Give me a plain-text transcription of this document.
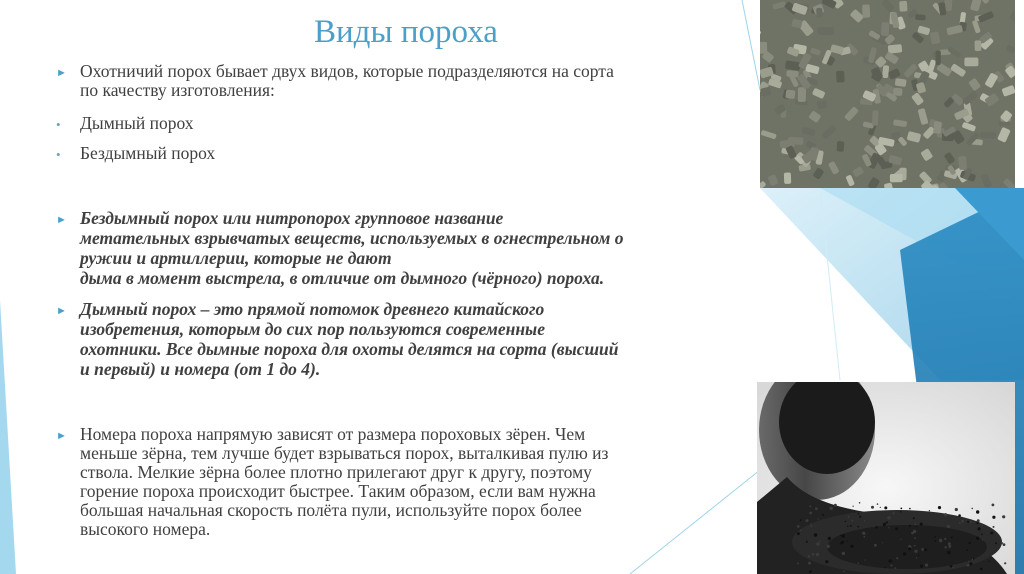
Виды пороха
► Охотничий порох бывает двух видов, которые подразделяются на сорта
по качеству изготовления:
• Дымный порох
• Бездымный порох
► Бездымный порох или нитропорох групповое название
метательных взрывчатых веществ, используемых в огнестрельном о
ружии и артиллерии, которые не дают
дыма в момент выстрела, в отличие от дымного (чёрного) пороха.
► Дымный порох – это прямой потомок древнего китайского
изобретения, которым до сих пор пользуются современные
охотники. Все дымные пороха для охоты делятся на сорта (высший
и первый) и номера (от 1 до 4).
► Номера пороха напрямую зависят от размера пороховых зёрен. Чем
меньше зёрна, тем лучше будет взрываться порох, выталкивая пулю из
ствола. Мелкие зёрна более плотно прилегают друг к другу, поэтому
горение пороха происходит быстрее. Таким образом, если вам нужна
большая начальная скорость полёта пули, используйте порох более
высокого номера.
